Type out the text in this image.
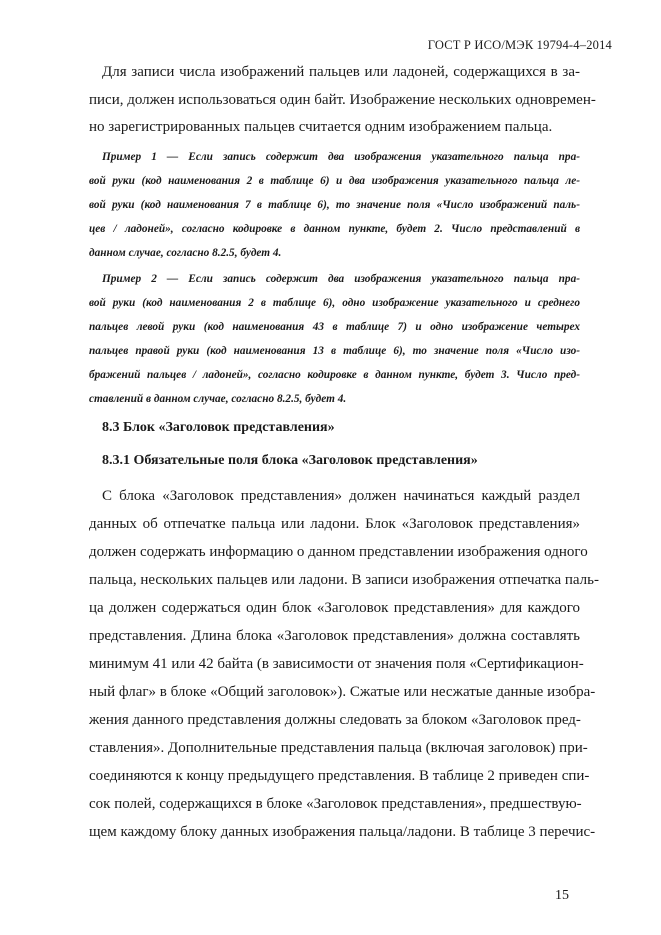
ГОСТ Р ИСО/МЭК 19794-4–2014
Для записи числа изображений пальцев или ладоней, содержащихся в за-
писи, должен использоваться один байт. Изображение нескольких одновремен-
но зарегистрированных пальцев считается одним изображением пальца.
Пример 1 — Если запись содержит два изображения указательного пальца пра-
вой руки (код наименования 2 в таблице 6) и два изображения указательного пальца ле-
вой руки (код наименования 7 в таблице 6), то значение поля «Число изображений паль-
цев / ладоней», согласно кодировке в данном пункте, будет 2. Число представлений в
данном случае, согласно 8.2.5, будет 4.
Пример 2 — Если запись содержит два изображения указательного пальца пра-
вой руки (код наименования 2 в таблице 6), одно изображение указательного и среднего
пальцев левой руки (код наименования 43 в таблице 7) и одно изображение четырех
пальцев правой руки (код наименования 13 в таблице 6), то значение поля «Число изо-
бражений пальцев / ладоней», согласно кодировке в данном пункте, будет 3. Число пред-
ставлений в данном случае, согласно 8.2.5, будет 4.
8.3 Блок «Заголовок представления»
8.3.1 Обязательные поля блока «Заголовок представления»
С блока «Заголовок представления» должен начинаться каждый раздел
данных об отпечатке пальца или ладони. Блок «Заголовок представления»
должен содержать информацию о данном представлении изображения одного
пальца, нескольких пальцев или ладони. В записи изображения отпечатка паль-
ца должен содержаться один блок «Заголовок представления» для каждого
представления. Длина блока «Заголовок представления» должна составлять
минимум 41 или 42 байта (в зависимости от значения поля «Сертификацион-
ный флаг» в блоке «Общий заголовок»). Сжатые или несжатые данные изобра-
жения данного представления должны следовать за блоком «Заголовок пред-
ставления». Дополнительные представления пальца (включая заголовок) при-
соединяются к концу предыдущего представления. В таблице 2 приведен спи-
сок полей, содержащихся в блоке «Заголовок представления», предшествую-
щем каждому блоку данных изображения пальца/ладони. В таблице 3 перечис-
15
